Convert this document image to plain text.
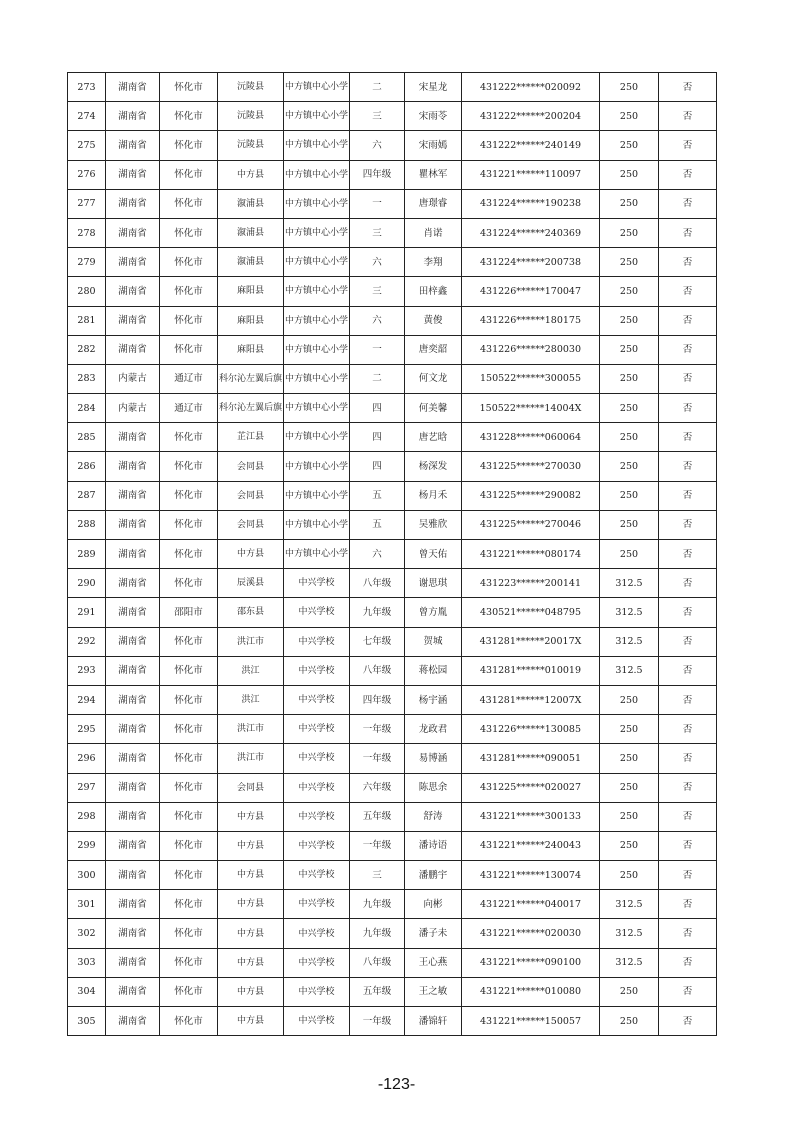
273	湖南省	怀化市	沅陵县	中方镇中心小学	二	宋星龙	431222******020092	250	否
274	湖南省	怀化市	沅陵县	中方镇中心小学	三	宋雨苓	431222******200204	250	否
275	湖南省	怀化市	沅陵县	中方镇中心小学	六	宋雨嫣	431222******240149	250	否
276	湖南省	怀化市	中方县	中方镇中心小学	四年级	瞿林军	431221******110097	250	否
277	湖南省	怀化市	溆浦县	中方镇中心小学	一	唐璟睿	431224******190238	250	否
278	湖南省	怀化市	溆浦县	中方镇中心小学	三	肖诺	431224******240369	250	否
279	湖南省	怀化市	溆浦县	中方镇中心小学	六	李翔	431224******200738	250	否
280	湖南省	怀化市	麻阳县	中方镇中心小学	三	田梓鑫	431226******170047	250	否
281	湖南省	怀化市	麻阳县	中方镇中心小学	六	黄俊	431226******180175	250	否
282	湖南省	怀化市	麻阳县	中方镇中心小学	一	唐奕韶	431226******280030	250	否
283	内蒙古	通辽市	科尔沁左翼后旗	中方镇中心小学	二	何文龙	150522******300055	250	否
284	内蒙古	通辽市	科尔沁左翼后旗	中方镇中心小学	四	何美馨	150522******14004X	250	否
285	湖南省	怀化市	芷江县	中方镇中心小学	四	唐艺晗	431228******060064	250	否
286	湖南省	怀化市	会同县	中方镇中心小学	四	杨深发	431225******270030	250	否
287	湖南省	怀化市	会同县	中方镇中心小学	五	杨月禾	431225******290082	250	否
288	湖南省	怀化市	会同县	中方镇中心小学	五	吴雅欣	431225******270046	250	否
289	湖南省	怀化市	中方县	中方镇中心小学	六	曾天佑	431221******080174	250	否
290	湖南省	怀化市	辰溪县	中兴学校	八年级	谢思琪	431223******200141	312.5	否
291	湖南省	邵阳市	邵东县	中兴学校	九年级	曾方胤	430521******048795	312.5	否
292	湖南省	怀化市	洪江市	中兴学校	七年级	贺城	431281******20017X	312.5	否
293	湖南省	怀化市	洪江	中兴学校	八年级	蒋松园	431281******010019	312.5	否
294	湖南省	怀化市	洪江	中兴学校	四年级	杨宇涵	431281******12007X	250	否
295	湖南省	怀化市	洪江市	中兴学校	一年级	龙政君	431226******130085	250	否
296	湖南省	怀化市	洪江市	中兴学校	一年级	易博涵	431281******090051	250	否
297	湖南省	怀化市	会同县	中兴学校	六年级	陈思余	431225******020027	250	否
298	湖南省	怀化市	中方县	中兴学校	五年级	舒涛	431221******300133	250	否
299	湖南省	怀化市	中方县	中兴学校	一年级	潘诗语	431221******240043	250	否
300	湖南省	怀化市	中方县	中兴学校	三	潘鹏宇	431221******130074	250	否
301	湖南省	怀化市	中方县	中兴学校	九年级	向彬	431221******040017	312.5	否
302	湖南省	怀化市	中方县	中兴学校	九年级	潘子未	431221******020030	312.5	否
303	湖南省	怀化市	中方县	中兴学校	八年级	王心燕	431221******090100	312.5	否
304	湖南省	怀化市	中方县	中兴学校	五年级	王之敏	431221******010080	250	否
305	湖南省	怀化市	中方县	中兴学校	一年级	潘锦轩	431221******150057	250	否
-123-
